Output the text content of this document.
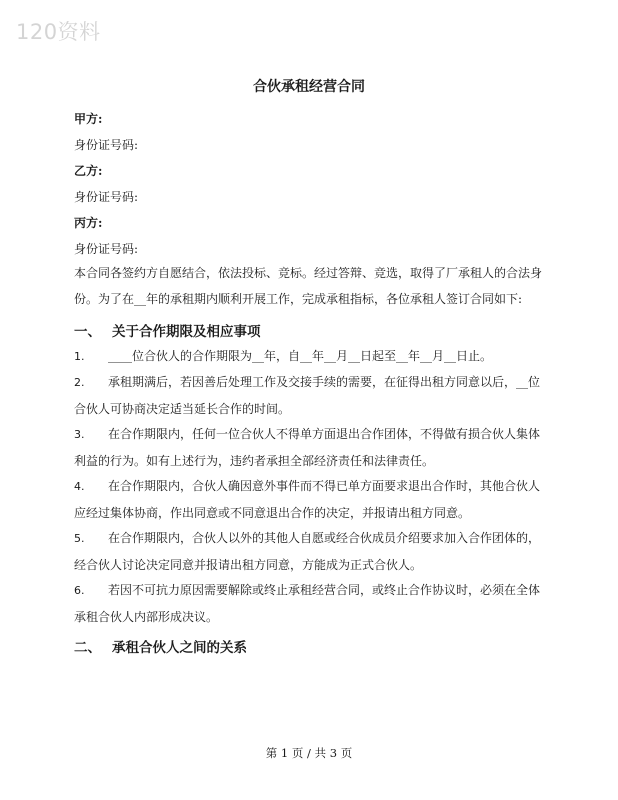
120资料
合伙承租经营合同
甲方:
身份证号码:
乙方:
身份证号码:
丙方:
身份证号码:

本合同各签约方自愿结合，依法投标、竞标。经过答辩、竞选，取得了厂承租人的合法身份。为了在__年的承租期内顺利开展工作，完成承租指标，各位承租人签订合同如下:

一、 关于合作期限及相应事项

1. ____位合伙人的合作期限为__年，自__年__月__日起至__年__月__日止。

2. 承租期满后，若因善后处理工作及交接手续的需要，在征得出租方同意以后，__位合伙人可协商决定适当延长合作的时间。

3. 在合作期限内，任何一位合伙人不得单方面退出合作团体，不得做有损合伙人集体利益的行为。如有上述行为，违约者承担全部经济责任和法律责任。

4. 在合作期限内，合伙人确因意外事件而不得已单方面要求退出合作时，其他合伙人应经过集体协商，作出同意或不同意退出合作的决定，并报请出租方同意。

5. 在合作期限内，合伙人以外的其他人自愿或经合伙成员介绍要求加入合作团体的，经合伙人讨论决定同意并报请出租方同意，方能成为正式合伙人。

6. 若因不可抗力原因需要解除或终止承租经营合同，或终止合作协议时，必须在全体承租合伙人内部形成决议。

二、 承租合伙人之间的关系
第 1 页 / 共 3 页
